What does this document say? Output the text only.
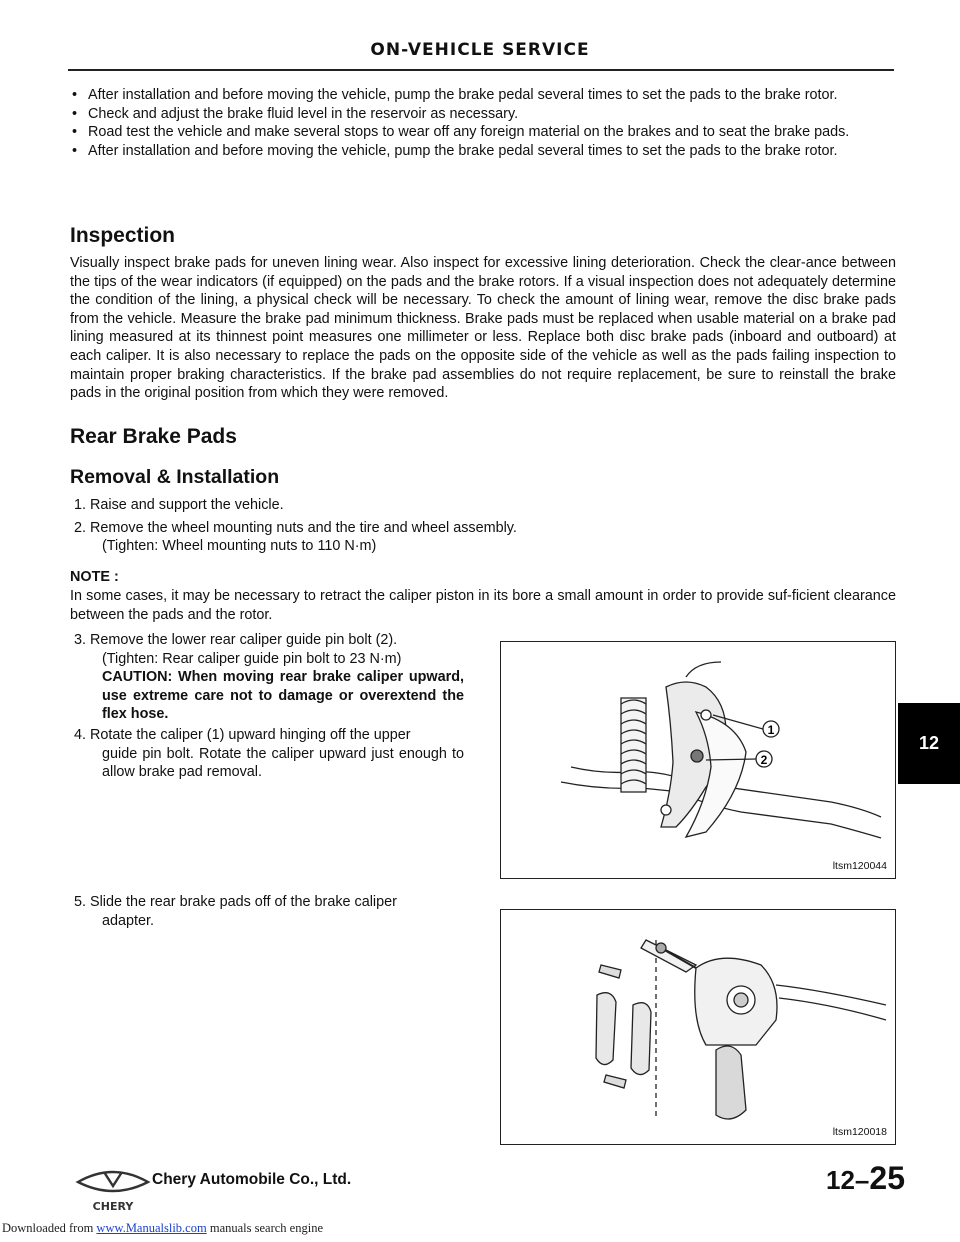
ON-VEHICLE SERVICE
• After installation and before moving the vehicle, pump the brake pedal several times to set the pads to the brake rotor.
• Check and adjust the brake fluid level in the reservoir as necessary.
• Road test the vehicle and make several stops to wear off any foreign material on the brakes and to seat the brake pads.
• After installation and before moving the vehicle, pump the brake pedal several times to set the pads to the brake rotor.
Inspection

Visually inspect brake pads for uneven lining wear. Also inspect for excessive lining deterioration. Check the clear-ance between the tips of the wear indicators (if equipped) on the pads and the brake rotors. If a visual inspection does not adequately determine the condition of the lining, a physical check will be necessary. To check the amount of lining wear, remove the disc brake pads from the vehicle. Measure the brake pad minimum thickness. Brake pads must be replaced when usable material on a brake pad lining measured at its thinnest point measures one millimeter or less. Replace both disc brake pads (inboard and outboard) at each caliper. It is also necessary to replace the pads on the opposite side of the vehicle as well as the pads failing inspection to maintain proper braking characteristics. If the brake pad assemblies do not require replacement, be sure to reinstall the brake pads in the original position from which they were removed.

Rear Brake Pads
Removal & Installation
1. Raise and support the vehicle.
2. Remove the wheel mounting nuts and the tire and wheel assembly.
(Tighten: Wheel mounting nuts to 110 N·m)
NOTE :
In some cases, it may be necessary to retract the caliper piston in its bore a small amount in order to provide suf-ficient clearance between the pads and the rotor.
3. Remove the lower rear caliper guide pin bolt (2).
(Tighten: Rear caliper guide pin bolt to 23 N·m)
CAUTION: When moving rear brake caliper upward, use extreme care not to damage or overextend the flex hose.
4. Rotate the caliper (1) upward hinging off the upper
guide pin bolt. Rotate the caliper upward just enough to allow brake pad removal.
5. Slide the rear brake pads off of the brake caliper
adapter.
1
2
ltsm120044
ltsm120018
12
CHERY
Chery Automobile Co., Ltd.	12–25
Downloaded from www.Manualslib.com manuals search engine
